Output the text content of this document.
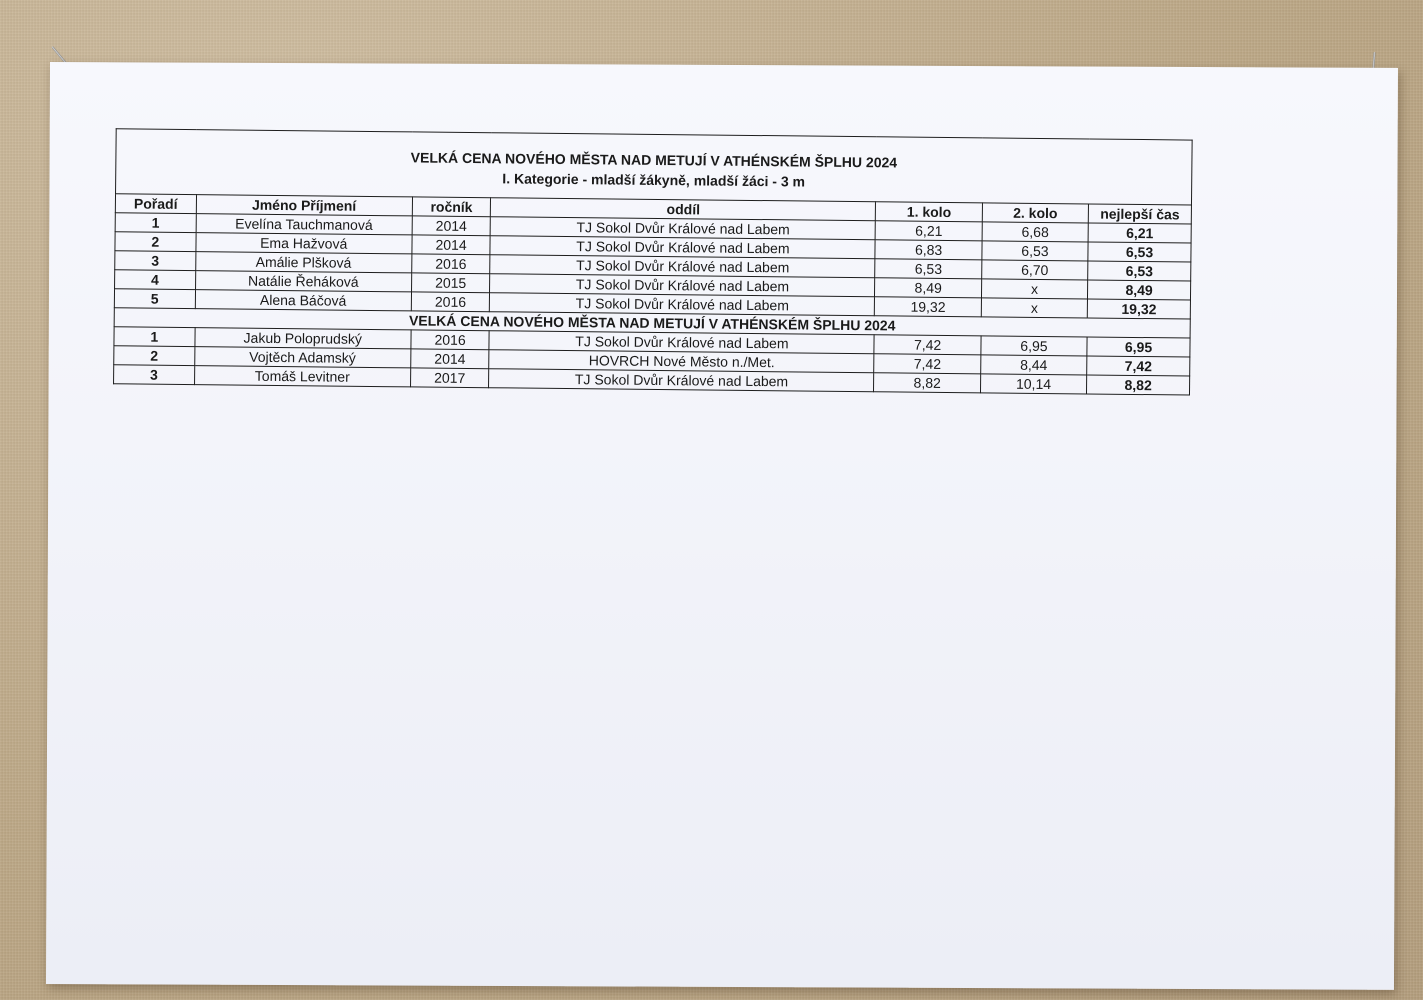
VELKÁ CENA NOVÉHO MĚSTA NAD METUJÍ V ATHÉNSKÉM ŠPLHU 2024
I. Kategorie - mladší žákyně, mladší žáci - 3 m						

Pořadí	Jméno Příjmení	ročník	oddíl	1. kolo	2. kolo	nejlepší čas
1	Evelína Tauchmanová	2014	TJ Sokol Dvůr Králové nad Labem	6,21	6,68	6,21
2	Ema Hažvová	2014	TJ Sokol Dvůr Králové nad Labem	6,83	6,53	6,53
3	Amálie Plšková	2016	TJ Sokol Dvůr Králové nad Labem	6,53	6,70	6,53
4	Natálie Řeháková	2015	TJ Sokol Dvůr Králové nad Labem	8,49	x	8,49
5	Alena Báčová	2016	TJ Sokol Dvůr Králové nad Labem	19,32	x	19,32
VELKÁ CENA NOVÉHO MĚSTA NAD METUJÍ V ATHÉNSKÉM ŠPLHU 2024						
1	Jakub Poloprudský	2016	TJ Sokol Dvůr Králové nad Labem	7,42	6,95	6,95
2	Vojtěch Adamský	2014	HOVRCH Nové Město n./Met.	7,42	8,44	7,42
3	Tomáš Levitner	2017	TJ Sokol Dvůr Králové nad Labem	8,82	10,14	8,82
